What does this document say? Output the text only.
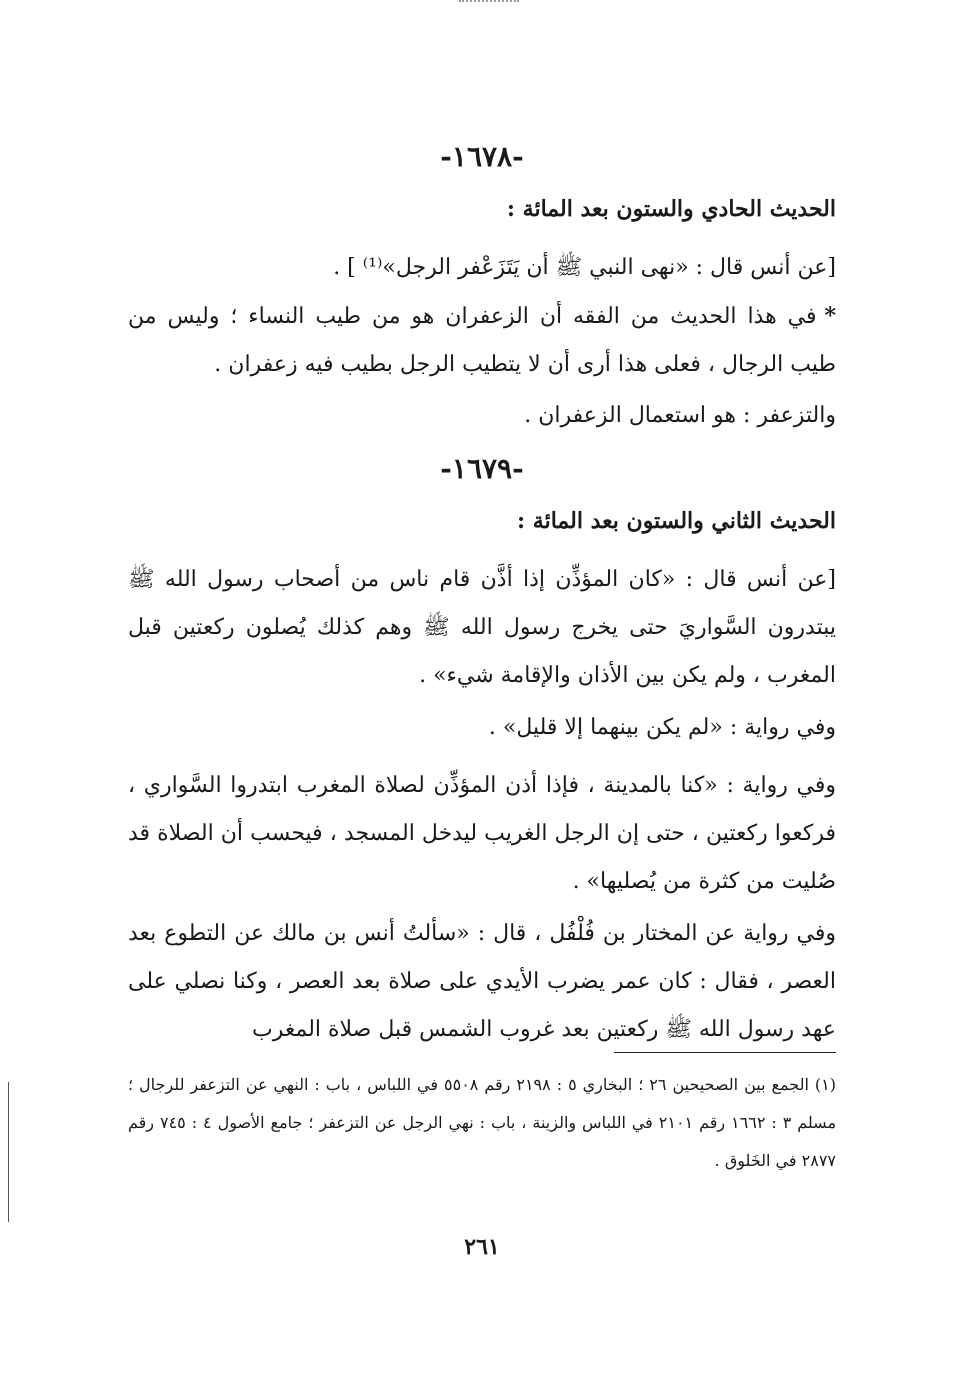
-١٦٧٨-
الحديث الحادي والستون بعد المائة :
[عن أنس قال : «نهى النبي ﷺ أن يَتَزَعْفر الرجل»⁽¹⁾ ] .
*في هذا الحديث من الفقه أن الزعفران هو من طيب النساء ؛ وليس من طيب الرجال ، فعلى هذا أرى أن لا يتطيب الرجل بطيب فيه زعفران .
والتزعفر : هو استعمال الزعفران .
-١٦٧٩-
الحديث الثاني والستون بعد المائة :
[عن أنس قال : «كان المؤذِّن إذا أذَّن قام ناس من أصحاب رسول الله ﷺ يبتدرون السَّواريَ حتى يخرج رسول الله ﷺ وهم كذلك يُصلون ركعتين قبل المغرب ، ولم يكن بين الأذان والإقامة شيء» .
وفي رواية : «لم يكن بينهما إلا قليل» .
وفي رواية : «كنا بالمدينة ، فإذا أذن المؤذِّن لصلاة المغرب ابتدروا السَّواري ، فركعوا ركعتين ، حتى إن الرجل الغريب ليدخل المسجد ، فيحسب أن الصلاة قد صُليت من كثرة من يُصليها» .
وفي رواية عن المختار بن فُلْفُل ، قال : «سألتُ أنس بن مالك عن التطوع بعد العصر ، فقال : كان عمر يضرب الأيدي على صلاة بعد العصر ، وكنا نصلي على عهد رسول الله ﷺ ركعتين بعد غروب الشمس قبل صلاة المغرب
(١) الجمع بين الصحيحين ٢٦ ؛ البخاري ٥ : ٢١٩٨ رقم ٥٥٠٨ في اللباس ، باب : النهي عن التزعفر للرجال ؛ مسلم ٣ : ١٦٦٢ رقم ٢١٠١ في اللباس والزينة ، باب : نهي الرجل عن التزعفر ؛ جامع الأصول ٤ : ٧٤٥ رقم ٢٨٧٧ في الخَلوق .
٢٦١
